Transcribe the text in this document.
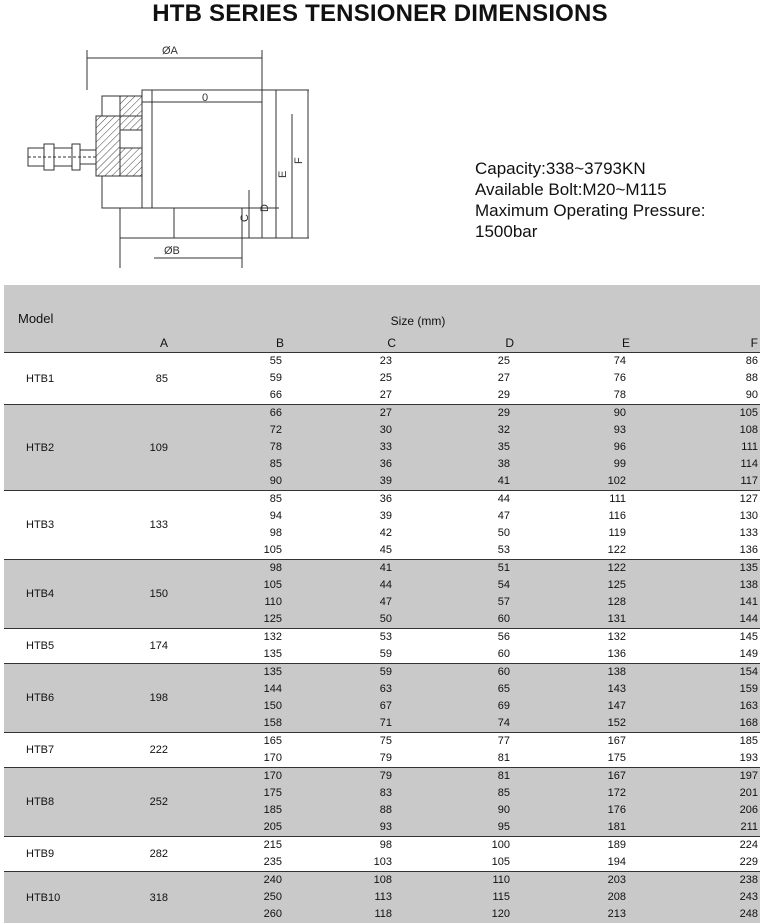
HTB SERIES TENSIONER DIMENSIONS
ØA
ØB
C
D
E
F
0
Capacity:338~3793KN
Available Bolt:M20~M115
Maximum Operating Pressure:
1500bar
Model	Size (mm)					
	A	B	C	D	E	F
HTB1	85	55	23	25	74	86
		59	25	27	76	88
		66	27	29	78	90
HTB2	109	66	27	29	90	105
		72	30	32	93	108
		78	33	35	96	111
		85	36	38	99	114
		90	39	41	102	117
HTB3	133	85	36	44	111	127
		94	39	47	116	130
		98	42	50	119	133
		105	45	53	122	136
HTB4	150	98	41	51	122	135
		105	44	54	125	138
		110	47	57	128	141
		125	50	60	131	144
HTB5	174	132	53	56	132	145
		135	59	60	136	149
HTB6	198	135	59	60	138	154
		144	63	65	143	159
		150	67	69	147	163
		158	71	74	152	168
HTB7	222	165	75	77	167	185
		170	79	81	175	193
HTB8	252	170	79	81	167	197
		175	83	85	172	201
		185	88	90	176	206
		205	93	95	181	211
HTB9	282	215	98	100	189	224
		235	103	105	194	229
HTB10	318	240	108	110	203	238
		250	113	115	208	243
		260	118	120	213	248
